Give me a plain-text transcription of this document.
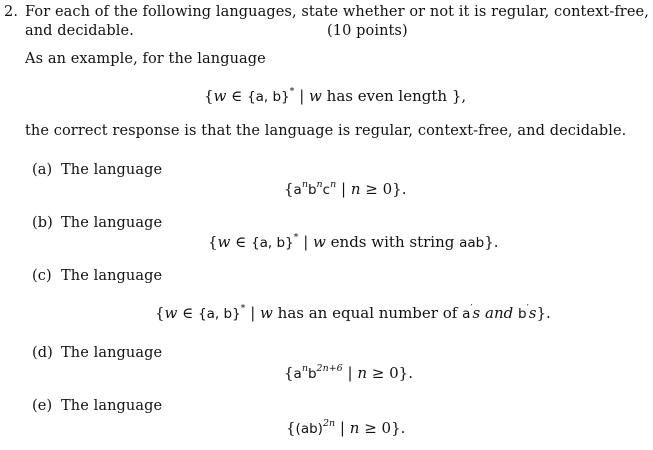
2. For each of the following languages, state whether or not it is regular, context-free,
and decidable.	(10 points)
As an example, for the language
{w ∈ {a, b}* | w has even length },
the correct response is that the language is regular, context-free, and decidable.
(a) The language
{$a^nb^nc^n$ | n ≥ 0}.
(b) The language
{w ∈ {a, b}* | w ends with string aab}.
(c) The language
{w ∈ {a, b}* | w has an equal number of a′s and b′s}.
(d) The language
{$a^nb^{2n+6}$ | n ≥ 0}.
(e) The language
{(ab)$^{2n}$ | n ≥ 0}.
